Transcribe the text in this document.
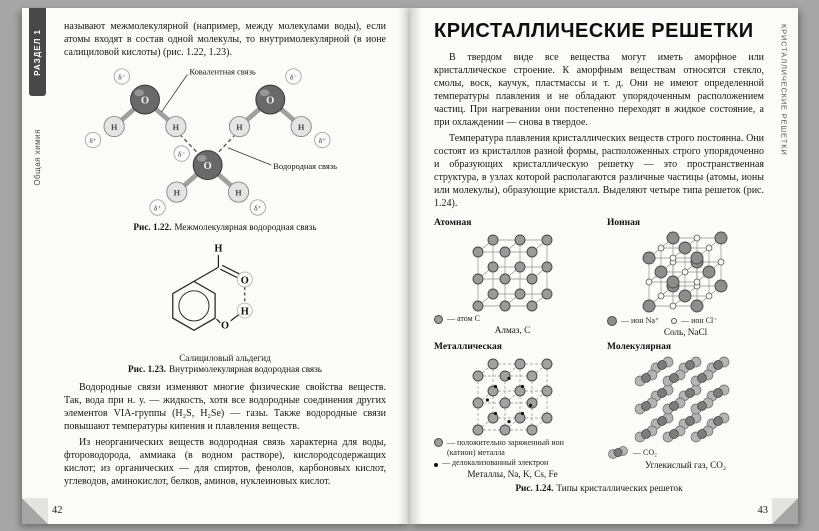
РАЗДЕЛ 1
Общая химия

называют межмолекулярной (например, между молекулами воды), если атомы входят в состав одной молекулы, то внутримолекулярной (в ионе салициловой кислоты) (рис. 1.22, 1.23).

O
H	H
O
H	H
O
H	H
δ⁻
δ⁺
δ⁻
δ⁺
δ⁻
δ⁺	δ⁺
Ковалентная связь
Водородная связь
Рис. 1.22. Межмолекулярная водородная связь
H
O
H
O
Салициловый альдегид
Рис. 1.23. Внутримолекулярная водородная связь

Водородные связи изменяют многие физические свойства веществ. Так, вода при н. у. — жидкость, хотя все водородные соединения других элементов VIA-группы (H₂S, H₂Se) — газы. Также водородные связи повышают температуры кипения и плавления веществ.

Из неорганических веществ водородная связь характерна для воды, фтороводорода, аммиака (в водном растворе), кислородсодержащих кислот; из органических — для спиртов, фенолов, карбоновых кислот, углеводов, аминокислот, белков, аминов, нуклеиновых кислот.

42
КРИСТАЛЛИЧЕСКИЕ РЕШЕТКИ

В твердом виде все вещества могут иметь аморфное или кристаллическое строение. К аморфным веществам относятся стекло, смолы, воск, каучук, пластмассы и т. д. Они не имеют определенной температуры плавления и не обладают упорядоченным расположением частиц. При нагревании они постепенно переходят в жидкое состояние, а при охлаждении — снова в твердое.

Температура плавления кристаллических веществ строго постоянна. Они состоят из кристаллов разной формы, расположенных строго упорядоченно и образующих кристаллическую решетку — это пространственная структура, в узлах которой располагаются различные частицы (атомы, ионы или молекулы), образующие кристалл. Выделяют четыре типа решеток (рис. 1.24).

Атомная
— атом C
Алмаз, C
Ионная
— ион Na⁺	— ион Cl⁻
Соль, NaCl
Металлическая
— положительно заряженный ион (катион) металла
— делокализованный электрон
Металлы, Na, K, Cs, Fe
Молекулярная
— CO₂
Углекислый газ, CO₂
Рис. 1.24. Типы кристаллических решеток
КРИСТАЛЛИЧЕСКИЕ РЕШЕТКИ
43
